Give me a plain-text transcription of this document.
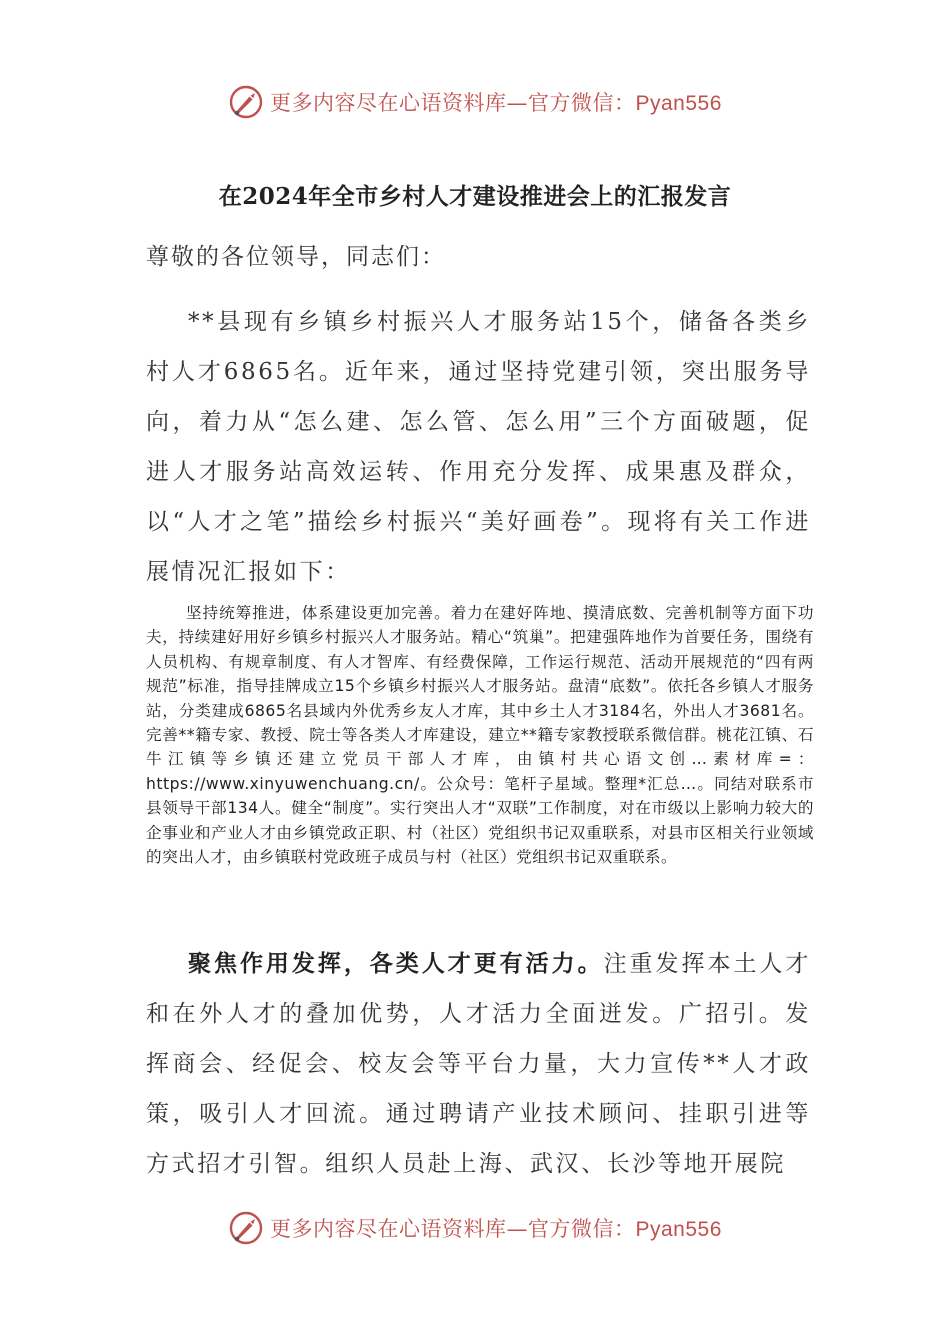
更多内容尽在心语资料库—官方微信：Pyan556
在2024年全市乡村人才建设推进会上的汇报发言
尊敬的各位领导，同志们：

**县现有乡镇乡村振兴人才服务站15个，储备各类乡村人才6865名。近年来，通过坚持党建引领，突出服务导向，着力从“怎么建、怎么管、怎么用”三个方面破题，促进人才服务站高效运转、作用充分发挥、成果惠及群众，以“人才之笔”描绘乡村振兴“美好画卷”。现将有关工作进展情况汇报如下：

坚持统筹推进，体系建设更加完善。着力在建好阵地、摸清底数、完善机制等方面下功夫，持续建好用好乡镇乡村振兴人才服务站。精心“筑巢”。把建强阵地作为首要任务，围绕有人员机构、有规章制度、有人才智库、有经费保障，工作运行规范、活动开展规范的“四有两规范”标准，指导挂牌成立15个乡镇乡村振兴人才服务站。盘清“底数”。依托各乡镇人才服务站，分类建成6865名县域内外优秀乡友人才库，其中乡土人才3184名，外出人才3681名。完善**籍专家、教授、院士等各类人才库建设，建立**籍专家教授联系微信群。桃花江镇、石牛江镇等乡镇还建立党员干部人才库，由镇村共心语文创…素材库=：https://www.xinyuwenchuang.cn/。公众号：笔杆子星域。整理*汇总…。同结对联系市县领导干部134人。健全“制度”。实行突出人才“双联”工作制度，对在市级以上影响力较大的企事业和产业人才由乡镇党政正职、村（社区）党组织书记双重联系，对县市区相关行业领域的突出人才，由乡镇联村党政班子成员与村（社区）党组织书记双重联系。

聚焦作用发挥，各类人才更有活力。注重发挥本土人才和在外人才的叠加优势，人才活力全面迸发。广招引。发挥商会、经促会、校友会等平台力量，大力宣传**人才政策，吸引人才回流。通过聘请产业技术顾问、挂职引进等方式招才引智。组织人员赴上海、武汉、长沙等地开展院

更多内容尽在心语资料库—官方微信：Pyan556
